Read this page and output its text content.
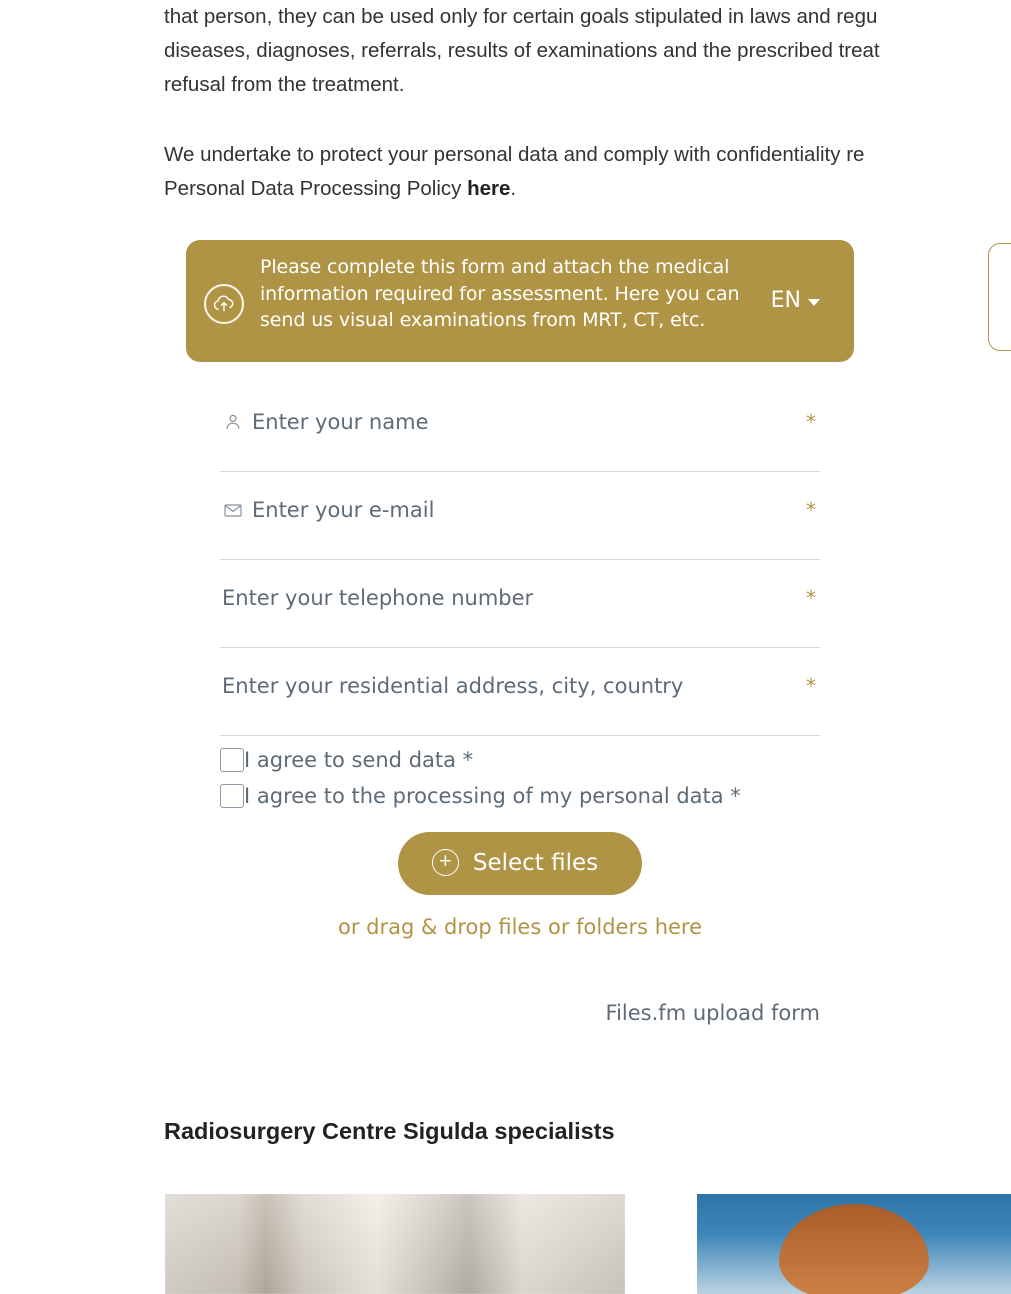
that person, they can be used only for certain goals stipulated in laws and regu
diseases, diagnoses, referrals, results of examinations and the prescribed treat
refusal from the treatment.

We undertake to protect your personal data and comply with confidentiality re
Personal Data Processing Policy here.

Please complete this form and attach the medical information required for assessment. Here you can send us visual examinations from MRT, CT, etc.
EN
Enter your name
*
Enter your e-mail
*
Enter your telephone number
*
Enter your residential address, city, country
*
I agree to send data *
I agree to the processing of my personal data *
+ Select files
or drag & drop files or folders here
Files.fm upload form
Radiosurgery Centre Sigulda specialists
